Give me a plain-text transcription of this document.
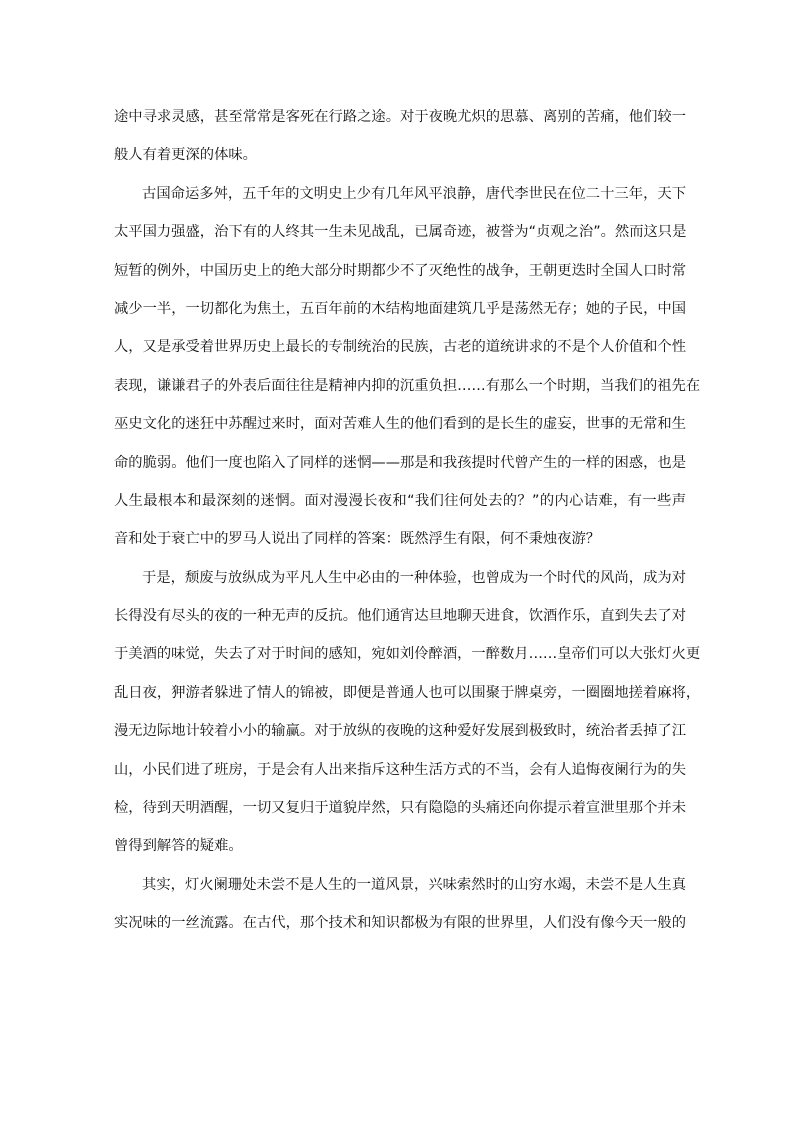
途中寻求灵感，甚至常常是客死在行路之途。对于夜晚尤炽的思慕、离别的苦痛，他们较一
般人有着更深的体味。
古国命运多舛，五千年的文明史上少有几年风平浪静，唐代李世民在位二十三年，天下
太平国力强盛，治下有的人终其一生未见战乱，已属奇迹，被誉为“贞观之治”。然而这只是
短暂的例外，中国历史上的绝大部分时期都少不了灭绝性的战争，王朝更迭时全国人口时常
减少一半，一切都化为焦土，五百年前的木结构地面建筑几乎是荡然无存；她的子民，中国
人，又是承受着世界历史上最长的专制统治的民族，古老的道统讲求的不是个人价值和个性
表现，谦谦君子的外表后面往往是精神内抑的沉重负担……有那么一个时期，当我们的祖先在
巫史文化的迷狂中苏醒过来时，面对苦难人生的他们看到的是长生的虚妄，世事的无常和生
命的脆弱。他们一度也陷入了同样的迷惘——那是和我孩提时代曾产生的一样的困惑，也是
人生最根本和最深刻的迷惘。面对漫漫长夜和“我们往何处去的？”的内心诘难，有一些声
音和处于衰亡中的罗马人说出了同样的答案：既然浮生有限，何不秉烛夜游？
于是，颓废与放纵成为平凡人生中必由的一种体验，也曾成为一个时代的风尚，成为对
长得没有尽头的夜的一种无声的反抗。他们通宵达旦地聊天进食，饮酒作乐，直到失去了对
于美酒的味觉，失去了对于时间的感知，宛如刘伶醉酒，一醉数月……皇帝们可以大张灯火更
乱日夜，狎游者躲进了情人的锦被，即便是普通人也可以围聚于牌桌旁，一圈圈地搓着麻将，
漫无边际地计较着小小的输赢。对于放纵的夜晚的这种爱好发展到极致时，统治者丢掉了江
山，小民们进了班房，于是会有人出来指斥这种生活方式的不当，会有人追悔夜阑行为的失
检，待到天明酒醒，一切又复归于道貌岸然，只有隐隐的头痛还向你提示着宣泄里那个并未
曾得到解答的疑难。
其实，灯火阑珊处未尝不是人生的一道风景，兴味索然时的山穷水竭，未尝不是人生真
实况味的一丝流露。在古代，那个技术和知识都极为有限的世界里，人们没有像今天一般的
